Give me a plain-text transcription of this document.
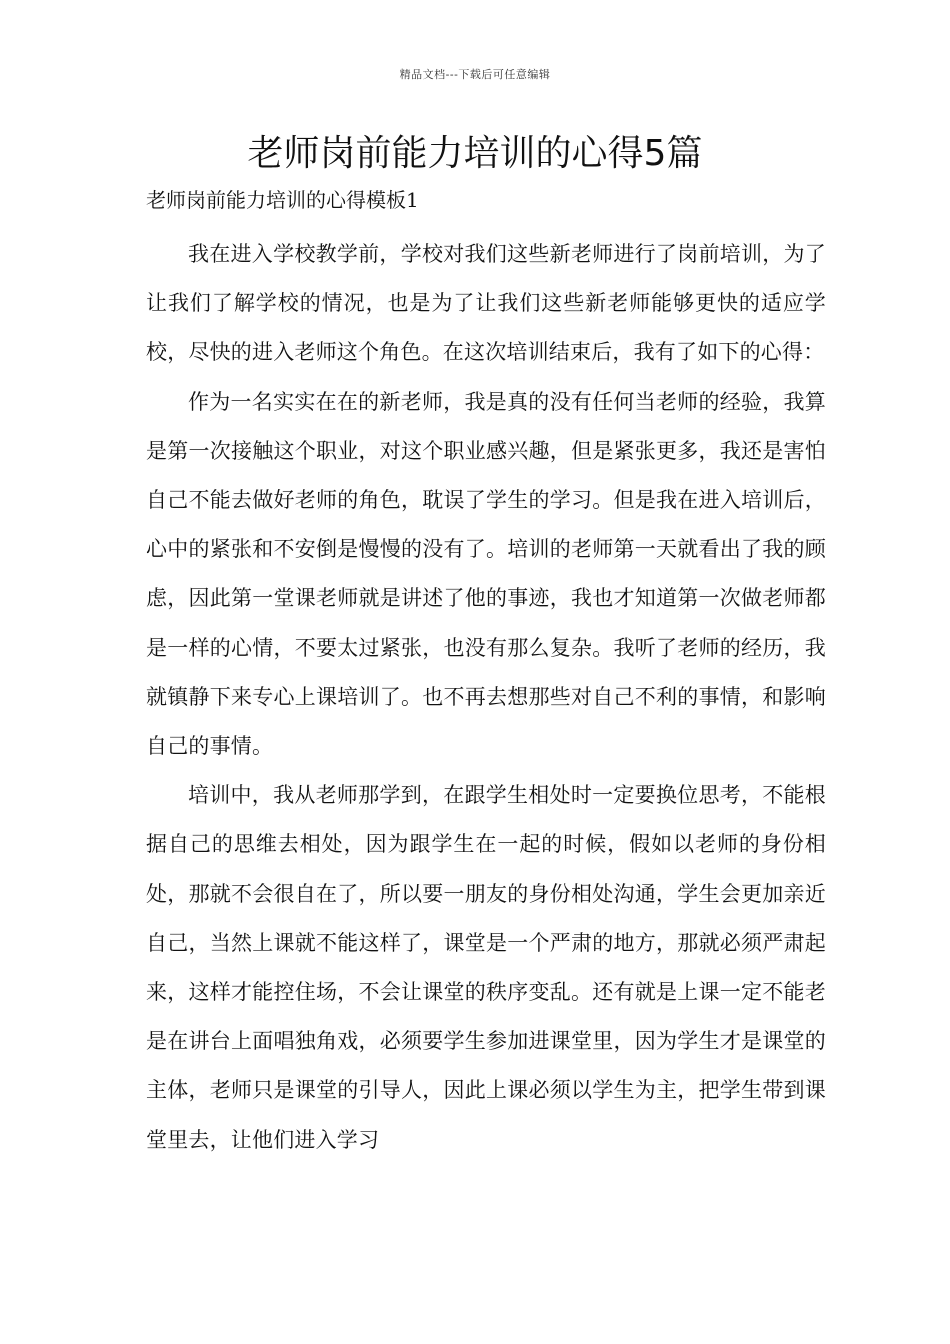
精品文档---下载后可任意编辑
老师岗前能力培训的心得5篇

老师岗前能力培训的心得模板1

我在进入学校教学前，学校对我们这些新老师进行了岗前培训，为了让我们了解学校的情况，也是为了让我们这些新老师能够更快的适应学校，尽快的进入老师这个角色。在这次培训结束后，我有了如下的心得：

作为一名实实在在的新老师，我是真的没有任何当老师的经验，我算是第一次接触这个职业，对这个职业感兴趣，但是紧张更多，我还是害怕自己不能去做好老师的角色，耽误了学生的学习。但是我在进入培训后，心中的紧张和不安倒是慢慢的没有了。培训的老师第一天就看出了我的顾虑，因此第一堂课老师就是讲述了他的事迹，我也才知道第一次做老师都是一样的心情，不要太过紧张，也没有那么复杂。我听了老师的经历，我就镇静下来专心上课培训了。也不再去想那些对自己不利的事情，和影响自己的事情。

培训中，我从老师那学到，在跟学生相处时一定要换位思考，不能根据自己的思维去相处，因为跟学生在一起的时候，假如以老师的身份相处，那就不会很自在了，所以要一朋友的身份相处沟通，学生会更加亲近自己，当然上课就不能这样了，课堂是一个严肃的地方，那就必须严肃起来，这样才能控住场，不会让课堂的秩序变乱。还有就是上课一定不能老是在讲台上面唱独角戏，必须要学生参加进课堂里，因为学生才是课堂的主体，老师只是课堂的引导人，因此上课必须以学生为主，把学生带到课堂里去，让他们进入学习
